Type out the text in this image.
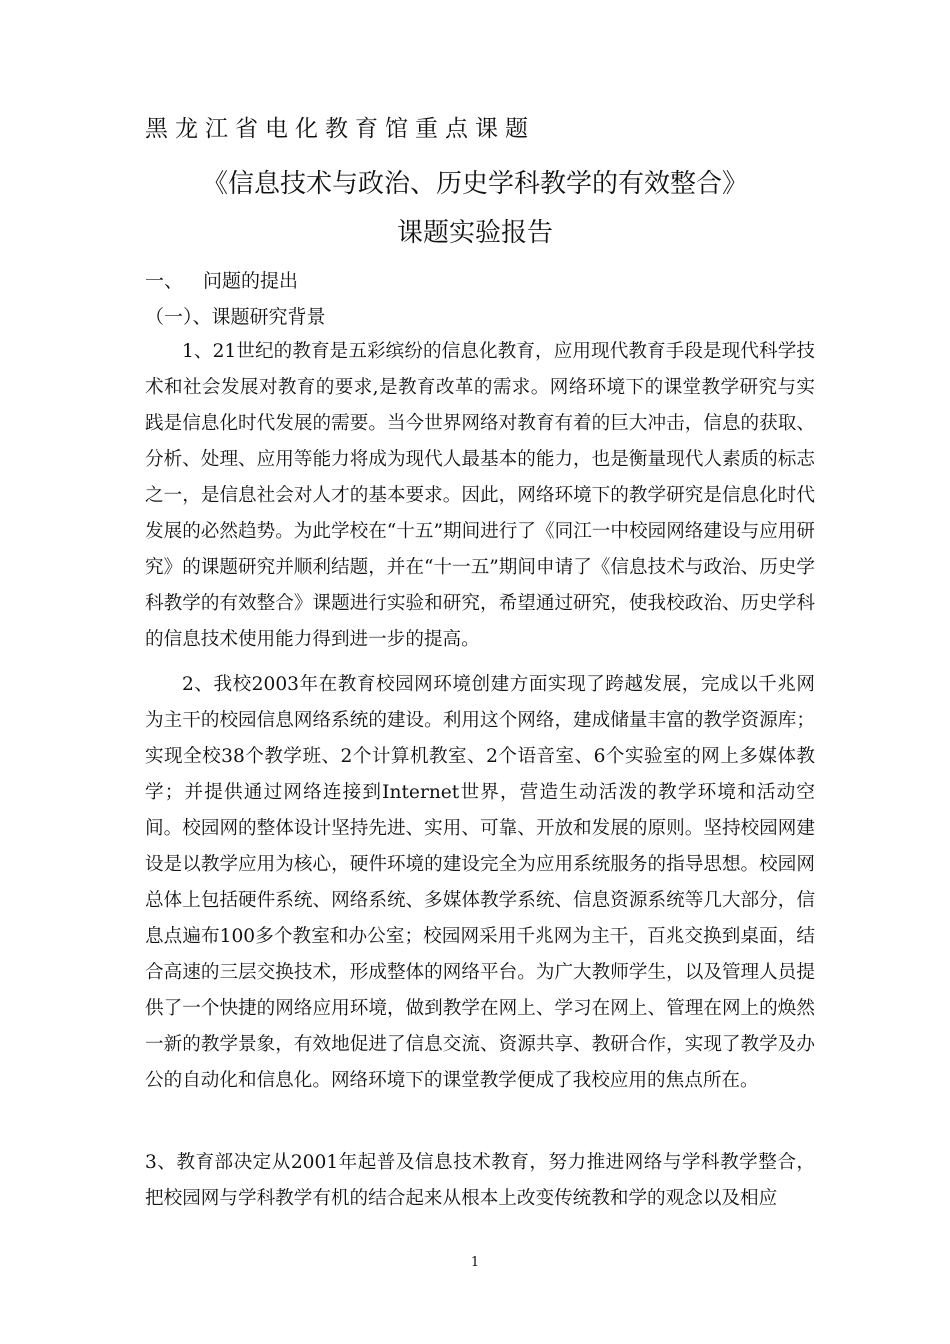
黑龙江省电化教育馆重点课题
《信息技术与政治、历史学科教学的有效整合》
课题实验报告
一、 问题的提出
（一）、课题研究背景
1、21世纪的教育是五彩缤纷的信息化教育，应用现代教育手段是现代科学技术和社会发展对教育的要求,是教育改革的需求。网络环境下的课堂教学研究与实践是信息化时代发展的需要。当今世界网络对教育有着的巨大冲击，信息的获取、分析、处理、应用等能力将成为现代人最基本的能力，也是衡量现代人素质的标志之一，是信息社会对人才的基本要求。因此，网络环境下的教学研究是信息化时代发展的必然趋势。为此学校在“十五”期间进行了《同江一中校园网络建设与应用研究》的课题研究并顺利结题，并在“十一五”期间申请了《信息技术与政治、历史学科教学的有效整合》课题进行实验和研究，希望通过研究，使我校政治、历史学科的信息技术使用能力得到进一步的提高。
2、我校2003年在教育校园网环境创建方面实现了跨越发展，完成以千兆网为主干的校园信息网络系统的建设。利用这个网络，建成储量丰富的教学资源库；实现全校38个教学班、2个计算机教室、2个语音室、6个实验室的网上多媒体教学；并提供通过网络连接到Internet世界，营造生动活泼的教学环境和活动空间。校园网的整体设计坚持先进、实用、可靠、开放和发展的原则。坚持校园网建设是以教学应用为核心，硬件环境的建设完全为应用系统服务的指导思想。校园网总体上包括硬件系统、网络系统、多媒体教学系统、信息资源系统等几大部分，信息点遍布100多个教室和办公室；校园网采用千兆网为主干，百兆交换到桌面，结合高速的三层交换技术，形成整体的网络平台。为广大教师学生，以及管理人员提供了一个快捷的网络应用环境，做到教学在网上、学习在网上、管理在网上的焕然一新的教学景象，有效地促进了信息交流、资源共享、教研合作，实现了教学及办公的自动化和信息化。网络环境下的课堂教学便成了我校应用的焦点所在。
3、教育部决定从2001年起普及信息技术教育，努力推进网络与学科教学整合，把校园网与学科教学有机的结合起来从根本上改变传统教和学的观念以及相应
1
